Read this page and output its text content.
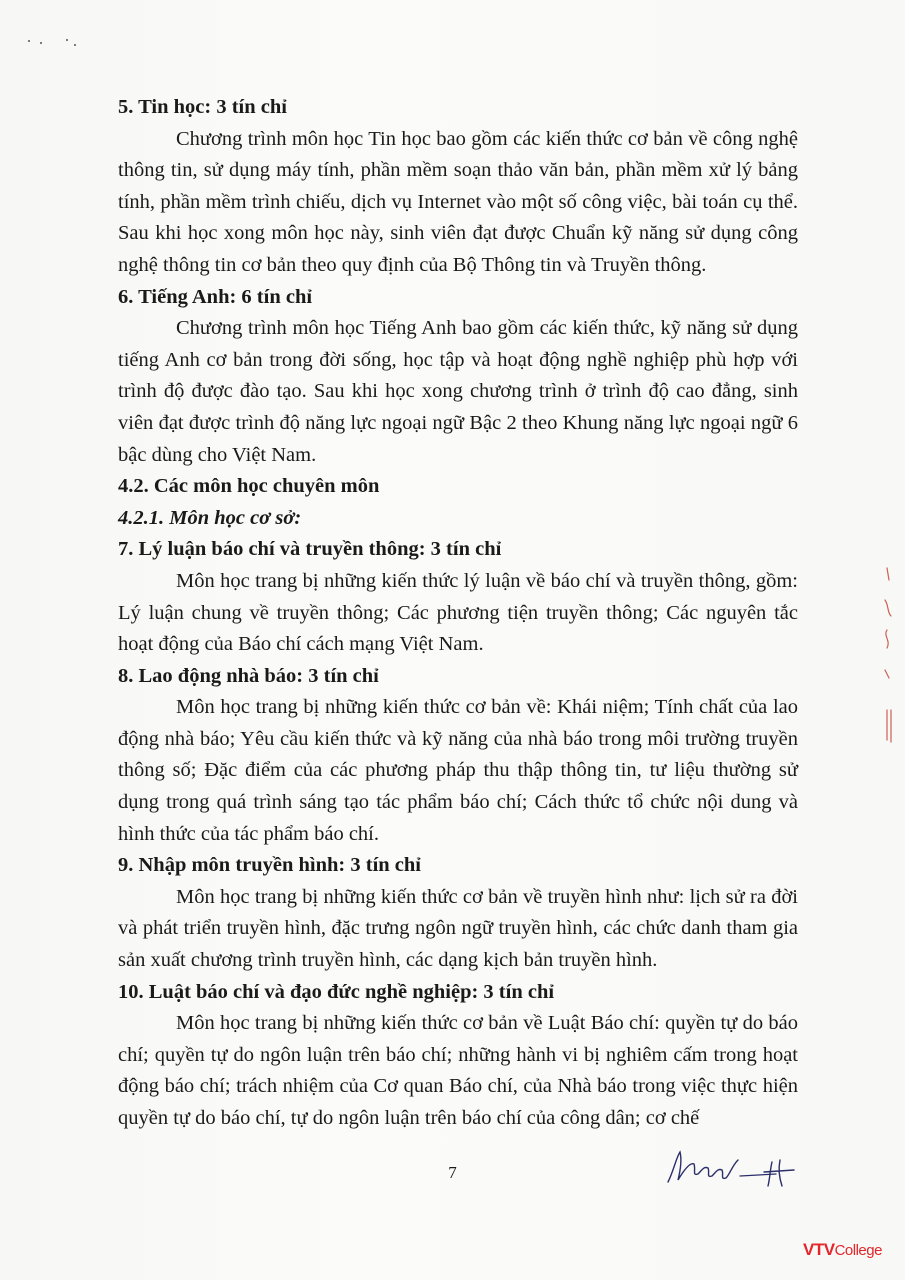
5. Tin học: 3 tín chỉ

Chương trình môn học Tin học bao gồm các kiến thức cơ bản về công nghệ thông tin, sử dụng máy tính, phần mềm soạn thảo văn bản, phần mềm xử lý bảng tính, phần mềm trình chiếu, dịch vụ Internet vào một số công việc, bài toán cụ thể. Sau khi học xong môn học này, sinh viên đạt được Chuẩn kỹ năng sử dụng công nghệ thông tin cơ bản theo quy định của Bộ Thông tin và Truyền thông.

6. Tiếng Anh: 6 tín chỉ

Chương trình môn học Tiếng Anh bao gồm các kiến thức, kỹ năng sử dụng tiếng Anh cơ bản trong đời sống, học tập và hoạt động nghề nghiệp phù hợp với trình độ được đào tạo. Sau khi học xong chương trình ở trình độ cao đẳng, sinh viên đạt được trình độ năng lực ngoại ngữ Bậc 2 theo Khung năng lực ngoại ngữ 6 bậc dùng cho Việt Nam.

4.2. Các môn học chuyên môn

4.2.1. Môn học cơ sở:

7. Lý luận báo chí và truyền thông: 3 tín chỉ

Môn học trang bị những kiến thức lý luận về báo chí và truyền thông, gồm: Lý luận chung về truyền thông; Các phương tiện truyền thông; Các nguyên tắc hoạt động của Báo chí cách mạng Việt Nam.

8. Lao động nhà báo: 3 tín chỉ

Môn học trang bị những kiến thức cơ bản về: Khái niệm; Tính chất của lao động nhà báo; Yêu cầu kiến thức và kỹ năng của nhà báo trong môi trường truyền thông số; Đặc điểm của các phương pháp thu thập thông tin, tư liệu thường sử dụng trong quá trình sáng tạo tác phẩm báo chí; Cách thức tổ chức nội dung và hình thức của tác phẩm báo chí.

9. Nhập môn truyền hình: 3 tín chỉ

Môn học trang bị những kiến thức cơ bản về truyền hình như: lịch sử ra đời và phát triển truyền hình, đặc trưng ngôn ngữ truyền hình, các chức danh tham gia sản xuất chương trình truyền hình, các dạng kịch bản truyền hình.

10. Luật báo chí và đạo đức nghề nghiệp: 3 tín chỉ

Môn học trang bị những kiến thức cơ bản về Luật Báo chí: quyền tự do báo chí; quyền tự do ngôn luận trên báo chí; những hành vi bị nghiêm cấm trong hoạt động báo chí; trách nhiệm của Cơ quan Báo chí, của Nhà báo trong việc thực hiện quyền tự do báo chí, tự do ngôn luận trên báo chí của công dân; cơ chế

7
VTVCollege
